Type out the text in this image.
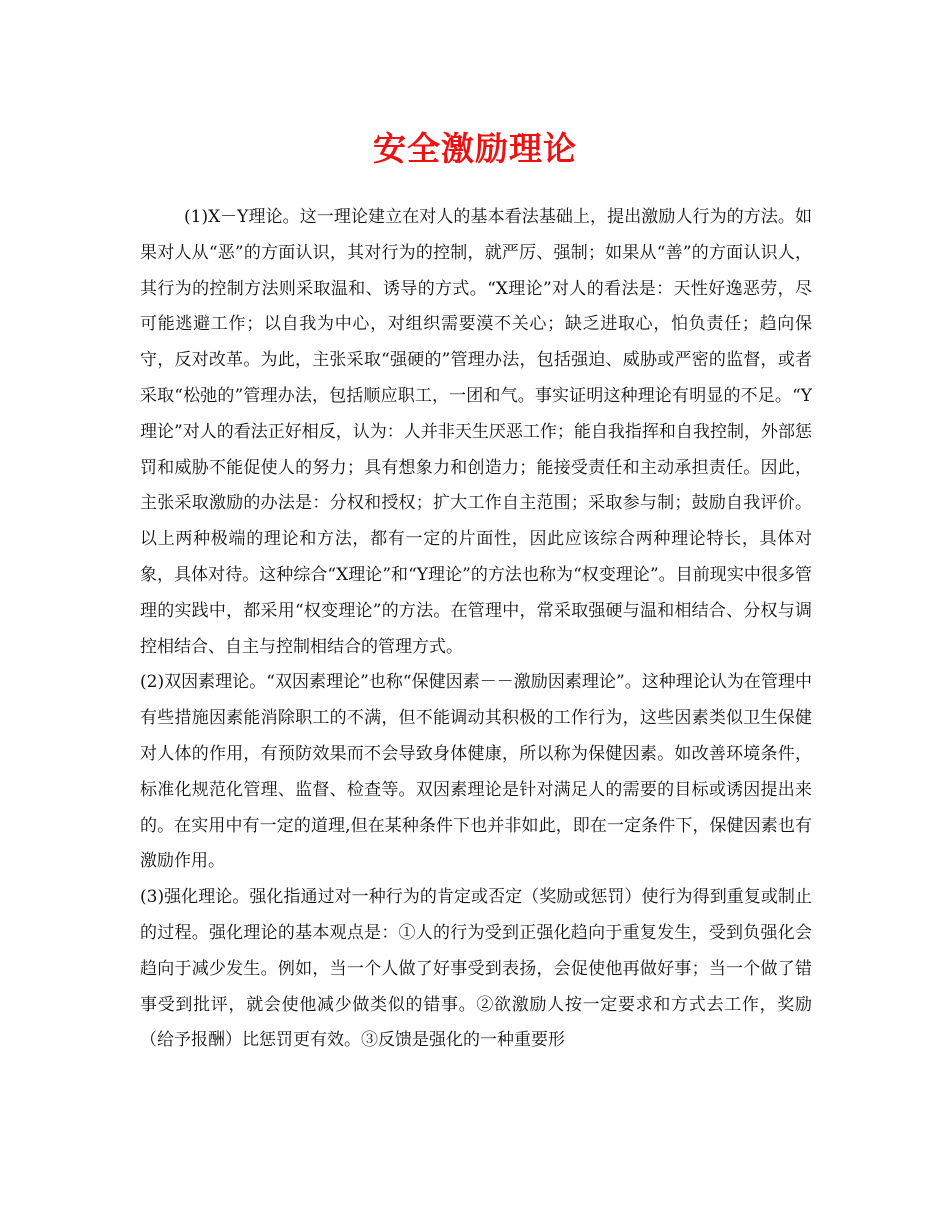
安全激励理论

(1)X－Y理论。这一理论建立在对人的基本看法基础上，提出激励人行为的方法。如果对人从“恶”的方面认识，其对行为的控制，就严厉、强制；如果从“善”的方面认识人，其行为的控制方法则采取温和、诱导的方式。“X理论”对人的看法是：天性好逸恶劳，尽可能逃避工作；以自我为中心，对组织需要漠不关心；缺乏进取心，怕负责任；趋向保守，反对改革。为此，主张采取“强硬的”管理办法，包括强迫、威胁或严密的监督，或者采取“松弛的”管理办法，包括顺应职工，一团和气。事实证明这种理论有明显的不足。“Y理论”对人的看法正好相反，认为：人并非天生厌恶工作；能自我指挥和自我控制，外部惩罚和威胁不能促使人的努力；具有想象力和创造力；能接受责任和主动承担责任。因此，主张采取激励的办法是：分权和授权；扩大工作自主范围；采取参与制；鼓励自我评价。以上两种极端的理论和方法，都有一定的片面性，因此应该综合两种理论特长，具体对象，具体对待。这种综合“X理论”和“Y理论”的方法也称为“权变理论”。目前现实中很多管理的实践中，都采用“权变理论”的方法。在管理中，常采取强硬与温和相结合、分权与调控相结合、自主与控制相结合的管理方式。

(2)双因素理论。“双因素理论”也称“保健因素－－激励因素理论”。这种理论认为在管理中有些措施因素能消除职工的不满，但不能调动其积极的工作行为，这些因素类似卫生保健对人体的作用，有预防效果而不会导致身体健康，所以称为保健因素。如改善环境条件，标准化规范化管理、监督、检查等。双因素理论是针对满足人的需要的目标或诱因提出来的。在实用中有一定的道理,但在某种条件下也并非如此，即在一定条件下，保健因素也有激励作用。

(3)强化理论。强化指通过对一种行为的肯定或否定（奖励或惩罚）使行为得到重复或制止的过程。强化理论的基本观点是：①人的行为受到正强化趋向于重复发生，受到负强化会趋向于减少发生。例如，当一个人做了好事受到表扬，会促使他再做好事；当一个做了错事受到批评，就会使他减少做类似的错事。②欲激励人按一定要求和方式去工作，奖励（给予报酬）比惩罚更有效。③反馈是强化的一种重要形
